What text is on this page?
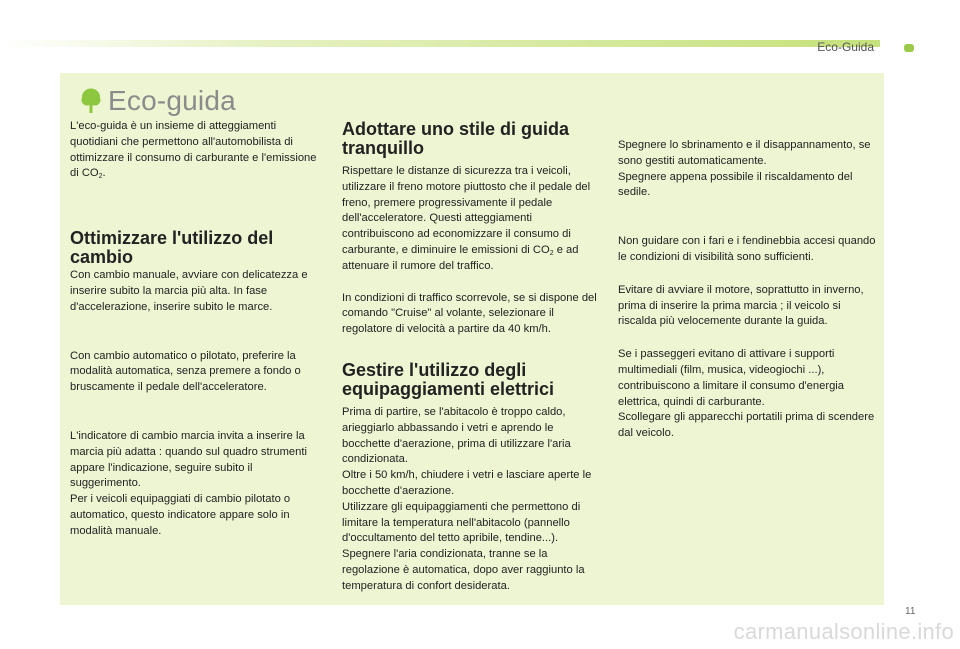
Eco-Guida
Eco-guida

L'eco-guida è un insieme di atteggiamenti quotidiani che permettono all'automobilista di ottimizzare il consumo di carburante e l'emissione di $CO_2$.

Ottimizzare l'utilizzo del cambio

Con cambio manuale, avviare con delicatezza e inserire subito la marcia più alta. In fase d'accelerazione, inserire subito le marce.

Con cambio automatico o pilotato, preferire la modalità automatica, senza premere a fondo o bruscamente il pedale dell'acceleratore.

L'indicatore di cambio marcia invita a inserire la marcia più adatta : quando sul quadro strumenti appare l'indicazione, seguire subito il suggerimento.

Per i veicoli equipaggiati di cambio pilotato o automatico, questo indicatore appare solo in modalità manuale.

Adottare uno stile di guida tranquillo

Rispettare le distanze di sicurezza tra i veicoli, utilizzare il freno motore piuttosto che il pedale del freno, premere progressivamente il pedale dell'acceleratore. Questi atteggiamenti contribuiscono ad economizzare il consumo di carburante, e diminuire le emissioni di $CO_2$ e ad attenuare il rumore del traffico.

In condizioni di traffico scorrevole, se si dispone del comando "Cruise" al volante, selezionare il regolatore di velocità a partire da 40 km/h.

Gestire l'utilizzo degli equipaggiamenti elettrici

Prima di partire, se l'abitacolo è troppo caldo, arieggiarlo abbassando i vetri e aprendo le bocchette d'aerazione, prima di utilizzare l'aria condizionata.

Oltre i 50 km/h, chiudere i vetri e lasciare aperte le bocchette d'aerazione.

Utilizzare gli equipaggiamenti che permettono di limitare la temperatura nell'abitacolo (pannello d'occultamento del tetto apribile, tendine...).

Spegnere l'aria condizionata, tranne se la regolazione è automatica, dopo aver raggiunto la temperatura di confort desiderata.

Spegnere lo sbrinamento e il disappannamento, se sono gestiti automaticamente.

Spegnere appena possibile il riscaldamento del sedile.

Non guidare con i fari e i fendinebbia accesi quando le condizioni di visibilità sono sufficienti.

Evitare di avviare il motore, soprattutto in inverno, prima di inserire la prima marcia ; il veicolo si riscalda più velocemente durante la guida.

Se i passeggeri evitano di attivare i supporti multimediali (film, musica, videogiochi ...), contribuiscono a limitare il consumo d'energia elettrica, quindi di carburante.

Scollegare gli apparecchi portatili prima di scendere dal veicolo.

11
carmanualsonline.info
